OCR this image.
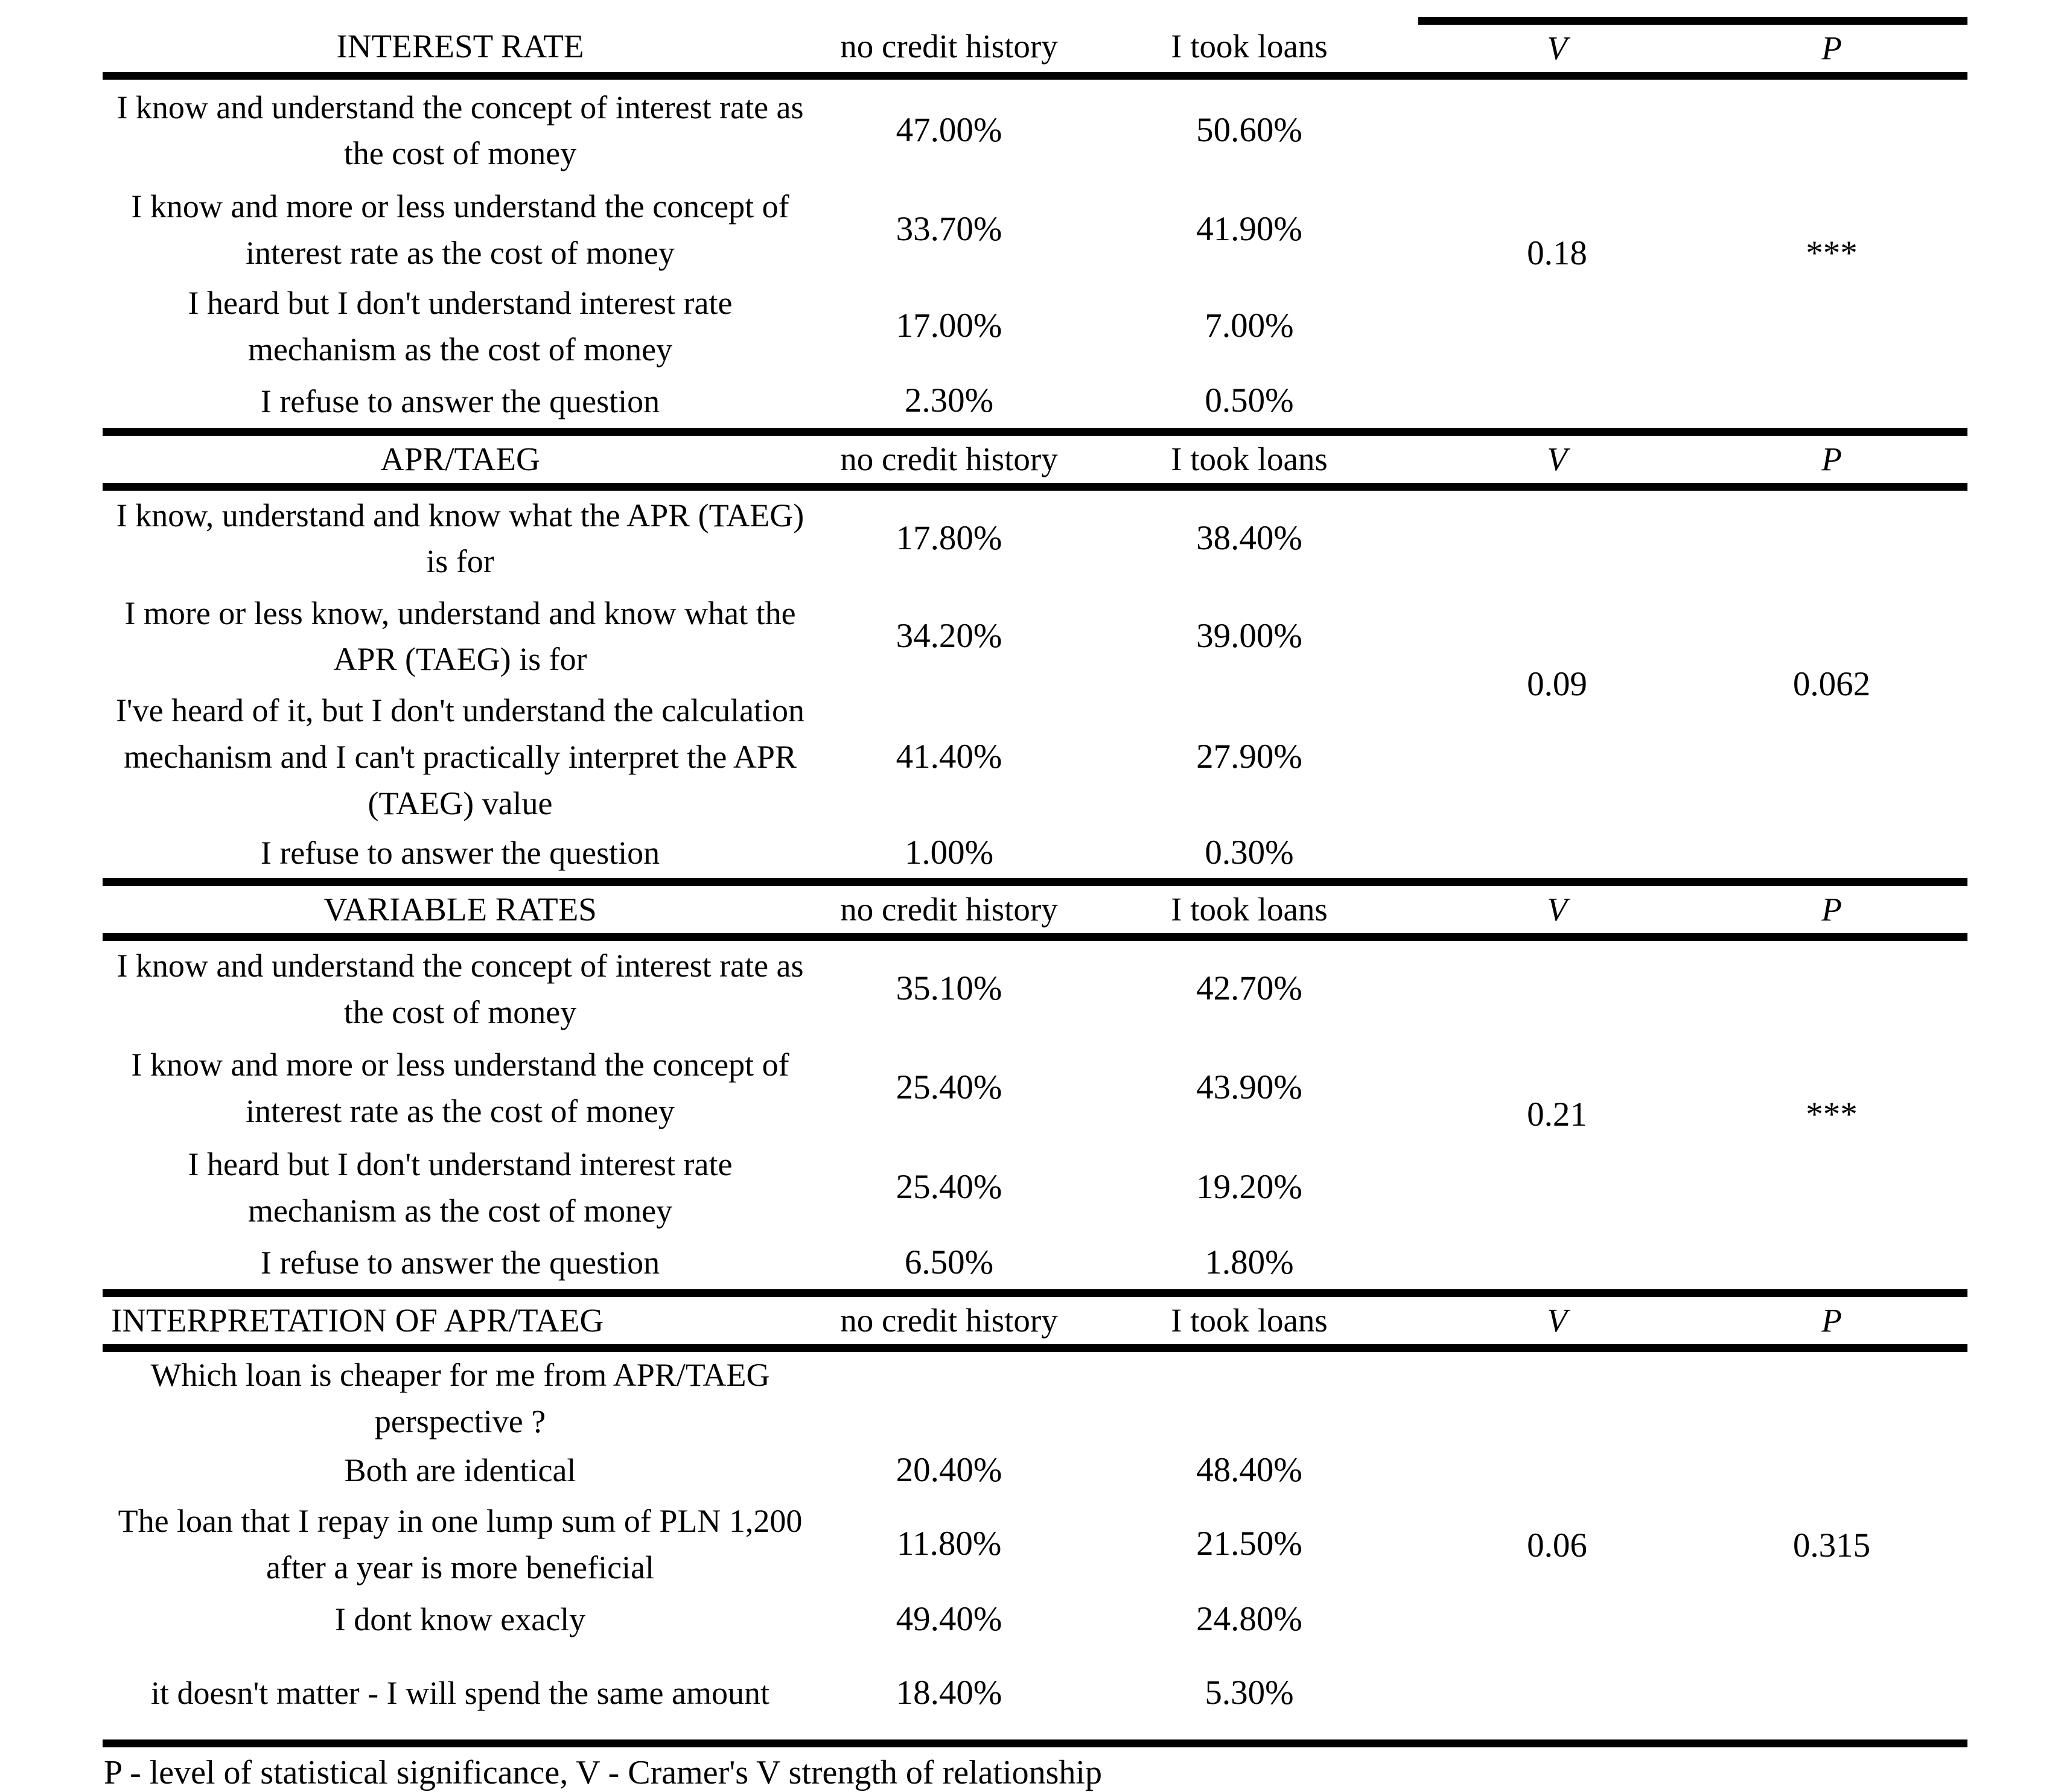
INTEREST RATE	no credit history	I took loans	V	P
I know and understand the concept of interest rate as the cost of money	47.00%	50.60%	0.18	***
I know and more or less understand the concept of interest rate as the cost of money	33.70%	41.90%		
I heard but I don't understand interest rate mechanism as the cost of money	17.00%	7.00%		
I refuse to answer the question	2.30%	0.50%		
APR/TAEG	no credit history	I took loans	V	P
I know, understand and know what the APR (TAEG) is for	17.80%	38.40%	0.09	0.062
I more or less know, understand and know what the APR (TAEG) is for	34.20%	39.00%		
I've heard of it, but I don't understand the calculation mechanism and I can't practically interpret the APR (TAEG) value	41.40%	27.90%		
I refuse to answer the question	1.00%	0.30%		
VARIABLE RATES	no credit history	I took loans	V	P
I know and understand the concept of interest rate as the cost of money	35.10%	42.70%	0.21	***
I know and more or less understand the concept of interest rate as the cost of money	25.40%	43.90%		
I heard but I don't understand interest rate mechanism as the cost of money	25.40%	19.20%		
I refuse to answer the question	6.50%	1.80%		
INTERPRETATION OF APR/TAEG	no credit history	I took loans	V	P
Which loan is cheaper for me from APR/TAEG perspective ?			0.06	0.315
Both are identical	20.40%	48.40%		
The loan that I repay in one lump sum of PLN 1,200 after a year is more beneficial	11.80%	21.50%		
I dont know exacly	49.40%	24.80%		
it doesn't matter - I will spend the same amount	18.40%	5.30%		
P - level of statistical significance, V - Cramer's V strength of relationship
